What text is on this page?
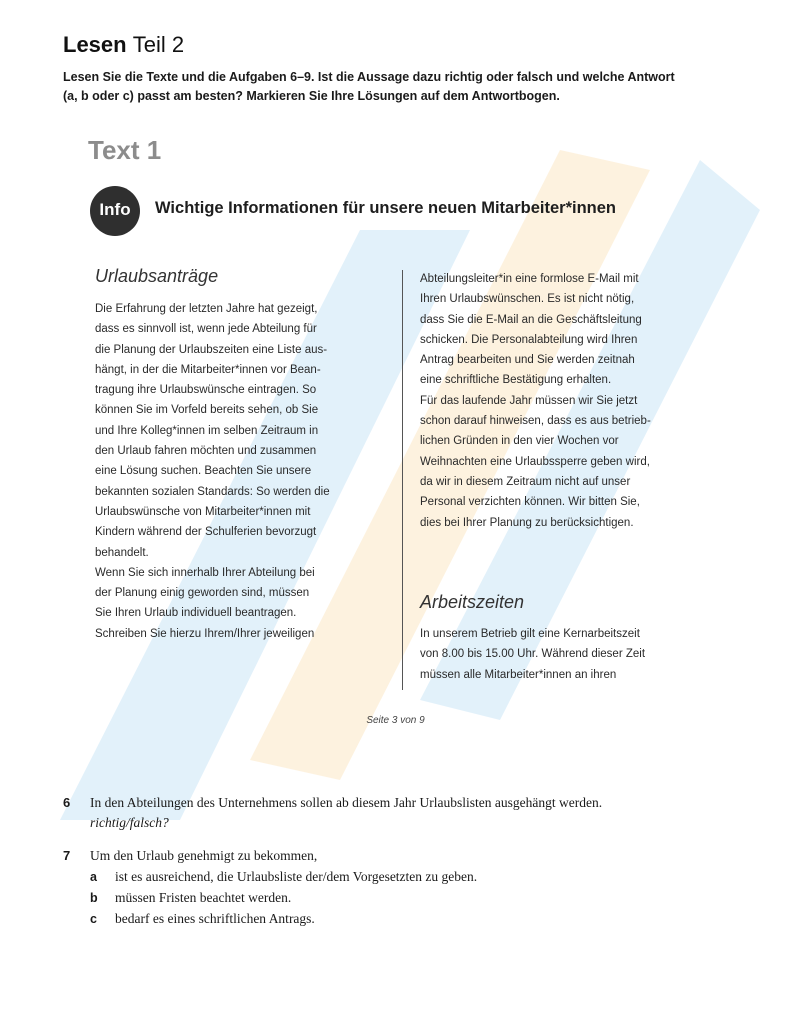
Lesen Teil 2
Lesen Sie die Texte und die Aufgaben 6–9. Ist die Aussage dazu richtig oder falsch und welche Antwort
(a, b oder c) passt am besten? Markieren Sie Ihre Lösungen auf dem Antwortbogen.
Text 1
Info	Wichtige Informationen für unsere neuen Mitarbeiter*innen
Urlaubsanträge
Die Erfahrung der letzten Jahre hat gezeigt,
dass es sinnvoll ist, wenn jede Abteilung für
die Planung der Urlaubszeiten eine Liste aus-
hängt, in der die Mitarbeiter*innen vor Bean-
tragung ihre Urlaubswünsche eintragen. So
können Sie im Vorfeld bereits sehen, ob Sie
und Ihre Kolleg*innen im selben Zeitraum in
den Urlaub fahren möchten und zusammen
eine Lösung suchen. Beachten Sie unsere
bekannten sozialen Standards: So werden die
Urlaubswünsche von Mitarbeiter*innen mit
Kindern während der Schulferien bevorzugt
behandelt.
Wenn Sie sich innerhalb Ihrer Abteilung bei
der Planung einig geworden sind, müssen
Sie Ihren Urlaub individuell beantragen.
Schreiben Sie hierzu Ihrem/Ihrer jeweiligen
Abteilungsleiter*in eine formlose E-Mail mit
Ihren Urlaubswünschen. Es ist nicht nötig,
dass Sie die E-Mail an die Geschäftsleitung
schicken. Die Personalabteilung wird Ihren
Antrag bearbeiten und Sie werden zeitnah
eine schriftliche Bestätigung erhalten.
Für das laufende Jahr müssen wir Sie jetzt
schon darauf hinweisen, dass es aus betrieb-
lichen Gründen in den vier Wochen vor
Weihnachten eine Urlaubssperre geben wird,
da wir in diesem Zeitraum nicht auf unser
Personal verzichten können. Wir bitten Sie,
dies bei Ihrer Planung zu berücksichtigen.
Arbeitszeiten
In unserem Betrieb gilt eine Kernarbeitszeit
von 8.00 bis 15.00 Uhr. Während dieser Zeit
müssen alle Mitarbeiter*innen an ihren
Seite 3 von 9
6 In den Abteilungen des Unternehmens sollen ab diesem Jahr Urlaubslisten ausgehängt werden.
richtig/falsch?
7 Um den Urlaub genehmigt zu bekommen,
a ist es ausreichend, die Urlaubsliste der/dem Vorgesetzten zu geben.
b müssen Fristen beachtet werden.
c bedarf es eines schriftlichen Antrags.
